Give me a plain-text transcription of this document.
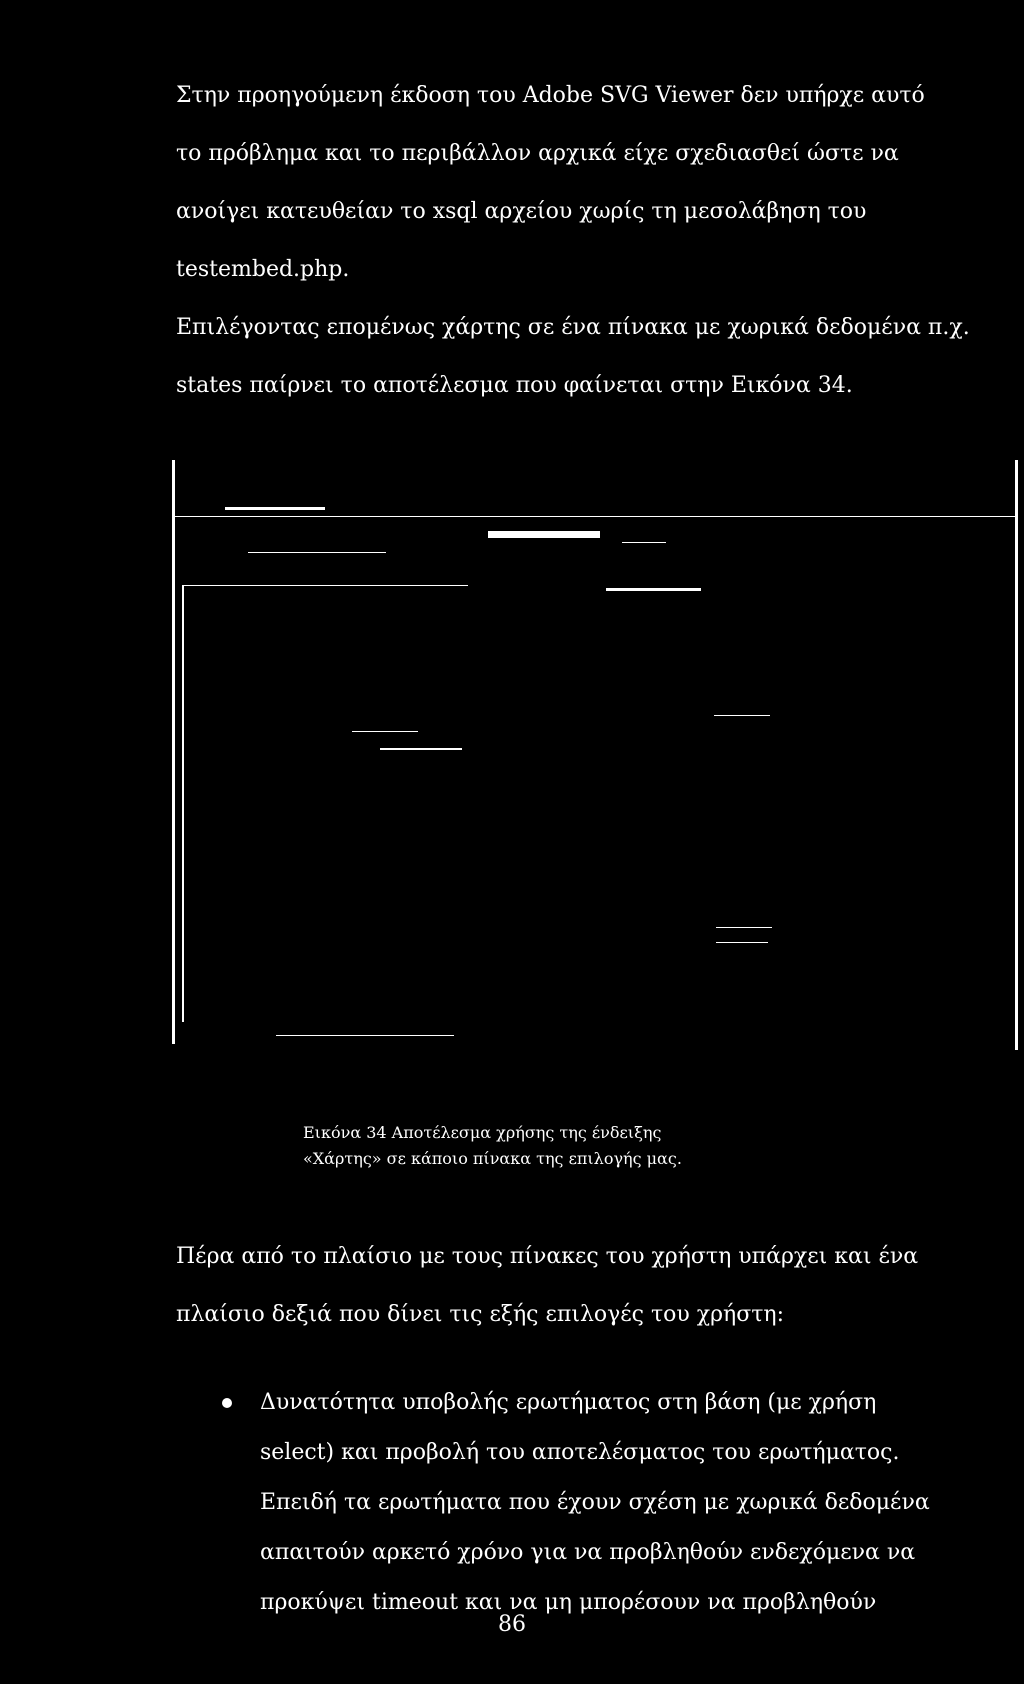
Στην προηγούμενη έκδοση του Adobe SVG Viewer δεν υπήρχε αυτό
το πρόβλημα και το περιβάλλον αρχικά είχε σχεδιασθεί ώστε να
ανοίγει κατευθείαν το xsql αρχείου χωρίς τη μεσολάβηση του
testembed.php.

Επιλέγοντας επομένως χάρτης σε ένα πίνακα με χωρικά δεδομένα π.χ.
states παίρνει το αποτέλεσμα που φαίνεται στην Εικόνα 34.

Εικόνα 34 Αποτέλεσμα χρήσης της ένδειξης
«Χάρτης» σε κάποιο πίνακα της επιλογής μας.

Πέρα από το πλαίσιο με τους πίνακες του χρήστη υπάρχει και ένα
πλαίσιο δεξιά που δίνει τις εξής επιλογές του χρήστη:

Δυνατότητα υποβολής ερωτήματος στη βάση (με χρήση
select) και προβολή του αποτελέσματος του ερωτήματος.
Επειδή τα ερωτήματα που έχουν σχέση με χωρικά δεδομένα
απαιτούν αρκετό χρόνο για να προβληθούν ενδεχόμενα να
προκύψει timeout και να μη μπορέσουν να προβληθούν
86
